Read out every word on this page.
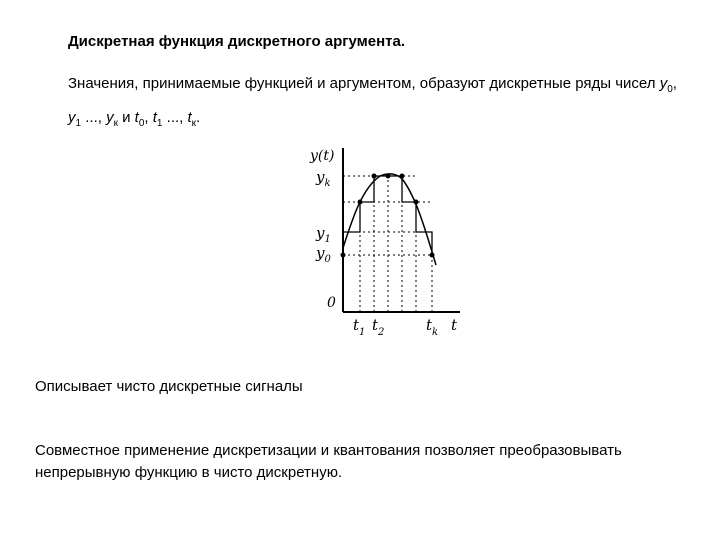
Дискретная функция дискретного аргумента.
Значения, принимаемые функцией и аргументом, образуют дискретные ряды чисел $y_0$, $y_1$ ..., $y_к$ и $t_0$, $t_1$ ..., $t_к$.
y(t)
$y_k$
$y_1$
$y_0$
0
$t_1$ $t_2$	$t_k$ t
Описывает чисто дискретные сигналы
Совместное применение дискретизации и квантования позволяет преобразовывать непрерывную функцию в чисто дискретную.
